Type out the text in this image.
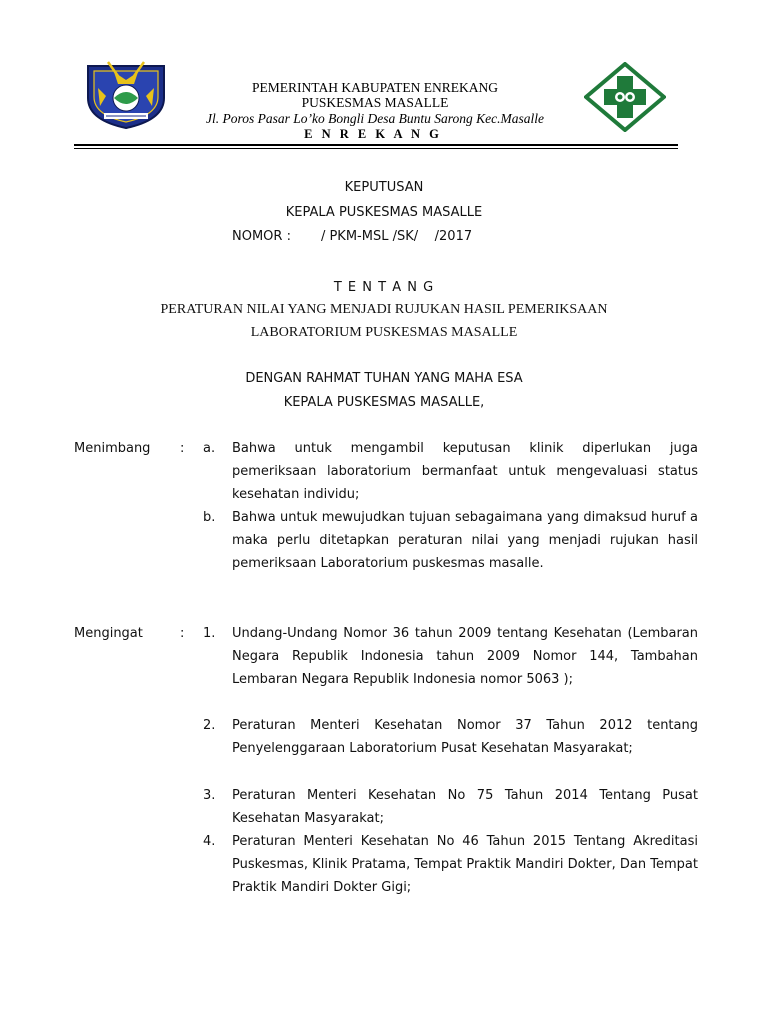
PEMERINTAH KABUPATEN ENREKANG
PUSKESMAS MASALLE
Jl. Poros Pasar Lo’ko Bongli Desa Buntu Sarong Kec.Masalle
E N R E K A N G
KEPUTUSAN
KEPALA PUSKESMAS MASALLE
NOMOR : / PKM-MSL /SK/    /2017
T E N T A N G
PERATURAN NILAI YANG MENJADI RUJUKAN HASIL PEMERIKSAAN
LABORATORIUM PUSKESMAS MASALLE
DENGAN RAHMAT TUHAN YANG MAHA ESA
KEPALA PUSKESMAS MASALLE,
Menimbang : a. Bahwa untuk mengambil keputusan klinik diperlukan juga pemeriksaan laboratorium bermanfaat untuk mengevaluasi status kesehatan individu;
b. Bahwa untuk mewujudkan tujuan sebagaimana yang dimaksud huruf a maka perlu ditetapkan peraturan nilai yang menjadi rujukan hasil pemeriksaan Laboratorium puskesmas masalle.
Mengingat	: 1. Undang-Undang Nomor 36 tahun 2009 tentang Kesehatan (Lembaran Negara Republik Indonesia tahun 2009 Nomor 144, Tambahan Lembaran Negara Republik Indonesia nomor 5063 );
2. Peraturan Menteri Kesehatan Nomor 37 Tahun 2012 tentang Penyelenggaraan Laboratorium Pusat Kesehatan Masyarakat;
3. Peraturan Menteri Kesehatan No 75 Tahun 2014 Tentang Pusat Kesehatan Masyarakat;
4. Peraturan Menteri Kesehatan No 46 Tahun 2015 Tentang Akreditasi Puskesmas, Klinik Pratama, Tempat Praktik Mandiri Dokter, Dan Tempat Praktik Mandiri Dokter Gigi;
